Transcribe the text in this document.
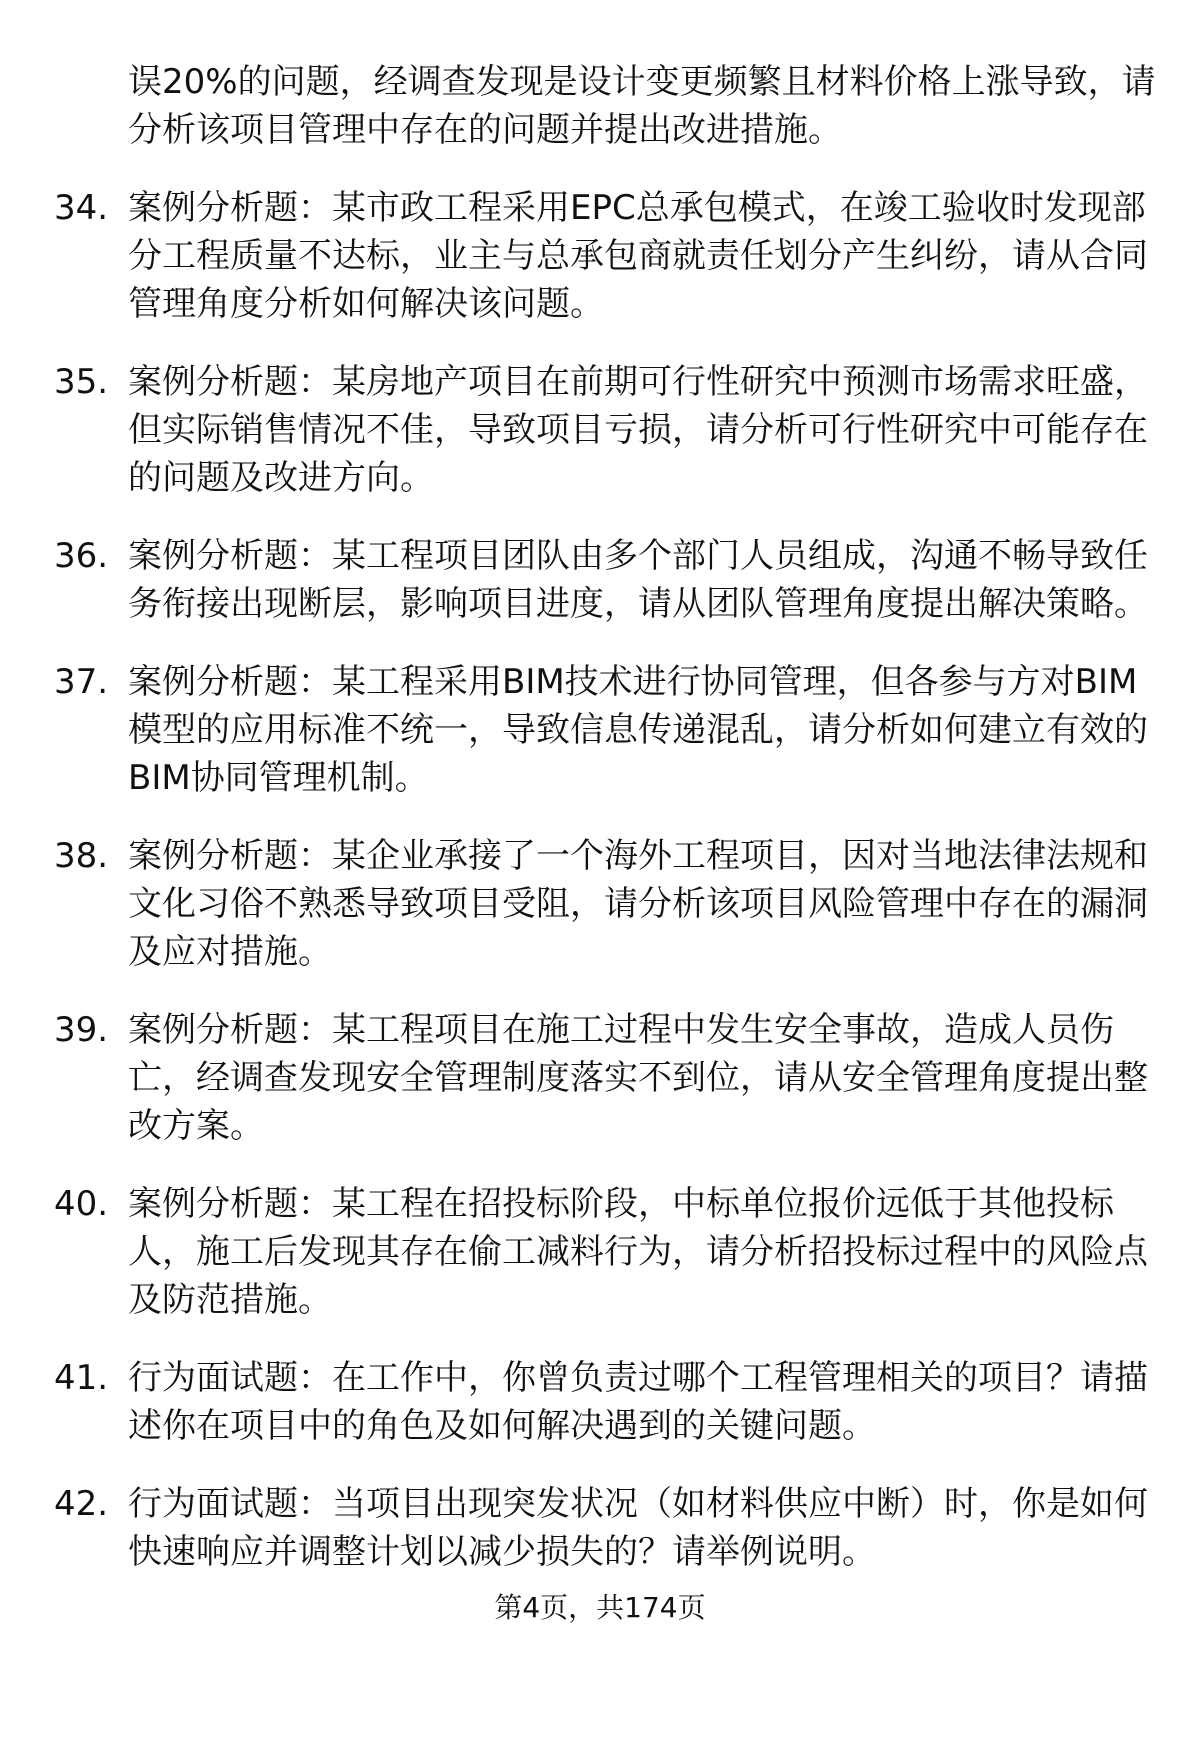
误20%的问题，经调查发现是设计变更频繁且材料价格上涨导致，请分析该项目管理中存在的问题并提出改进措施。
34. 案例分析题：某市政工程采用EPC总承包模式，在竣工验收时发现部分工程质量不达标，业主与总承包商就责任划分产生纠纷，请从合同管理角度分析如何解决该问题。
35. 案例分析题：某房地产项目在前期可行性研究中预测市场需求旺盛，但实际销售情况不佳，导致项目亏损，请分析可行性研究中可能存在的问题及改进方向。
36. 案例分析题：某工程项目团队由多个部门人员组成，沟通不畅导致任务衔接出现断层，影响项目进度，请从团队管理角度提出解决策略。
37. 案例分析题：某工程采用BIM技术进行协同管理，但各参与方对BIM模型的应用标准不统一，导致信息传递混乱，请分析如何建立有效的BIM协同管理机制。
38. 案例分析题：某企业承接了一个海外工程项目，因对当地法律法规和文化习俗不熟悉导致项目受阻，请分析该项目风险管理中存在的漏洞及应对措施。
39. 案例分析题：某工程项目在施工过程中发生安全事故，造成人员伤亡，经调查发现安全管理制度落实不到位，请从安全管理角度提出整改方案。
40. 案例分析题：某工程在招投标阶段，中标单位报价远低于其他投标人，施工后发现其存在偷工减料行为，请分析招投标过程中的风险点及防范措施。
41. 行为面试题：在工作中，你曾负责过哪个工程管理相关的项目？请描述你在项目中的角色及如何解决遇到的关键问题。
42. 行为面试题：当项目出现突发状况（如材料供应中断）时，你是如何快速响应并调整计划以减少损失的？请举例说明。
第4页，共174页
